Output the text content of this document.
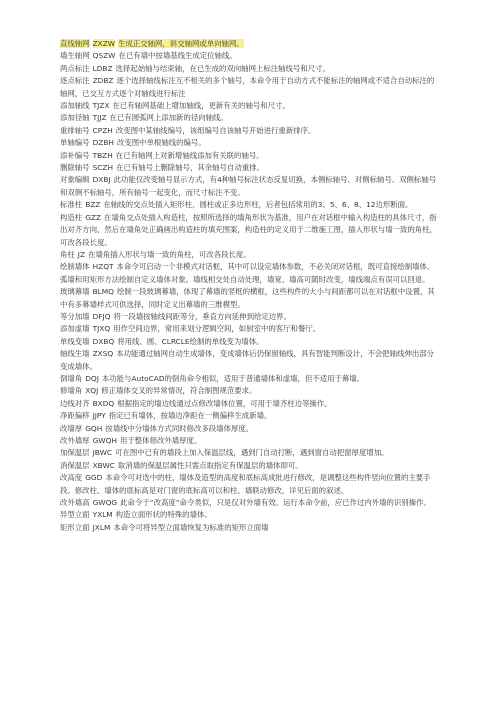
直线轴网 ZXZW 生成正交轴网，斜交轴网或单向轴网。

墙生轴网 QSZW 在已有墙中按墙基线生成定位轴线。

两点标注 LDBZ 选择起始轴与结束轴，在已生成的双向轴网上标注轴线号和尺寸。

逐点标注 ZDBZ 逐个选择轴线标注互不相关的多个轴号，本命令用于自动方式不能标注的轴网或不适合自动标注的轴网，已交互方式逐个对轴线进行标注

添加轴线 TJZX 在已有轴网基础上增加轴线，更新有关的轴号和尺寸。

添加径轴 TJJZ 在已有圆弧网上添加新的径向轴线。

重排轴号 CPZH 改变图中某轴线编号，该组编号自该轴号开始进行重新排序。

单轴编号 DZBH 改变图中单根轴线的编号。

添补编号 TBZH 在已有轴网上对新增轴线添加有关联的轴号。

删除轴号 SCZH 在已有轴号上删除轴号，其余轴号自动重排。

对象编辑 DXBJ 此功能仅改变轴号显示方式，有4种轴号标注状态反复切换，本侧标轴号、对侧标轴号、双侧标轴号和双侧不标轴号，所有轴号一起变化，而尺寸标注不变。

标准柱 BZZ 在轴线的交点处插入矩形柱、圆柱或正多边形柱，后者包括常用的3、5、6、8、12边形断面。

构造柱 GZZ 在墙角交点处插入构造柱，按照所选择的墙角形状为基准，用户在对话框中输入构造柱的具体尺寸，指出对齐方向，然后在墙角处正确画出构造柱的填充图案，构造柱的定义用于二维施工图，插入形状与墙一致的角柱，可改各段长度。

角柱 JZ 在墙角插入形状与墙一致的角柱，可改各段长度。

绘制墙体 HZQT 本命令可启动一个非模式对话框，其中可以设定墙体参数，不必关闭对话框，既可直接绘制墙体、弧墙和用矩形方法绘制自定义墙体对象。墙线相交处自动处理，墙宽、墙高可随时改变，墙线端点有误可以回退。

玻璃幕墙 BLMQ 绘制一段玻璃幕墙，体现了幕墙的竖梃的横框，这些构件的大小与间距都可以在对话框中设置，其中有多幕墙样式可供选择，同时定义出幕墙的三维模型。

等分加墙 DFJQ 将一段墙按轴线间距等分，垂直方向延伸到给定边界。

添加虚墙 TJXQ 用作空间边界，常用来划分逻辑空间，如厨室中的客厅和餐厅。

单线变墙 DXBQ 将用线、圆、CLRCLE绘制的单线变为墙体。

轴线生墙 ZXSQ 本功能通过轴网自动生成墙体，变成墙体后仍保留轴线，具有智能判断设计，不会把轴线伸出部分变成墙体。

倒墙角 DQJ 本功能与AutoCAD的倒角命令相似，适用于普通墙体和虚墙，但不适用于幕墙。

修墙角 XQJ 修正墙体交叉的异常情况，符合制图规范要求。

边线对齐 BXDQ 根据指定的墙边线通过点修改墙体位置，可用于墙齐柱边等操作。

净距偏移 JJPY 指定已有墙体，按墙边净距在一侧偏移生成新墙。

改墙厚 GQH 按墙线中分墙体方式同时修改多段墙体厚度。

改外墙厚 GWQH 用于整体修改外墙厚度。

加保温层 JBWC 可在图中已有的墙段上加入保温层线，遇到门自动打断，遇到窗自动把窗厚度增加。

消保温层 XBWC 取消墙的保温层属性只需点取指定有保温层的墙体即可。

改高度 GGD 本命令可对选中的柱、墙体及造型的高度和底标高成批进行修改，是调整这些构件竖向位置的主要手段。修改柱、墙体的底标高是对门窗的底标高可以和柱、墙联动修改，详见后面的叙述。

改外墙高 GWQG 此命令于“改高度”命令类似，只是仅对外墙有效。运行本命令前，应已作过内外墙的识别操作。

异型立面 YXLM 构造立面形状的特殊的墙体。

矩形立面 JXLM 本命令可将异型立面墙恢复为标准的矩形立面墙
